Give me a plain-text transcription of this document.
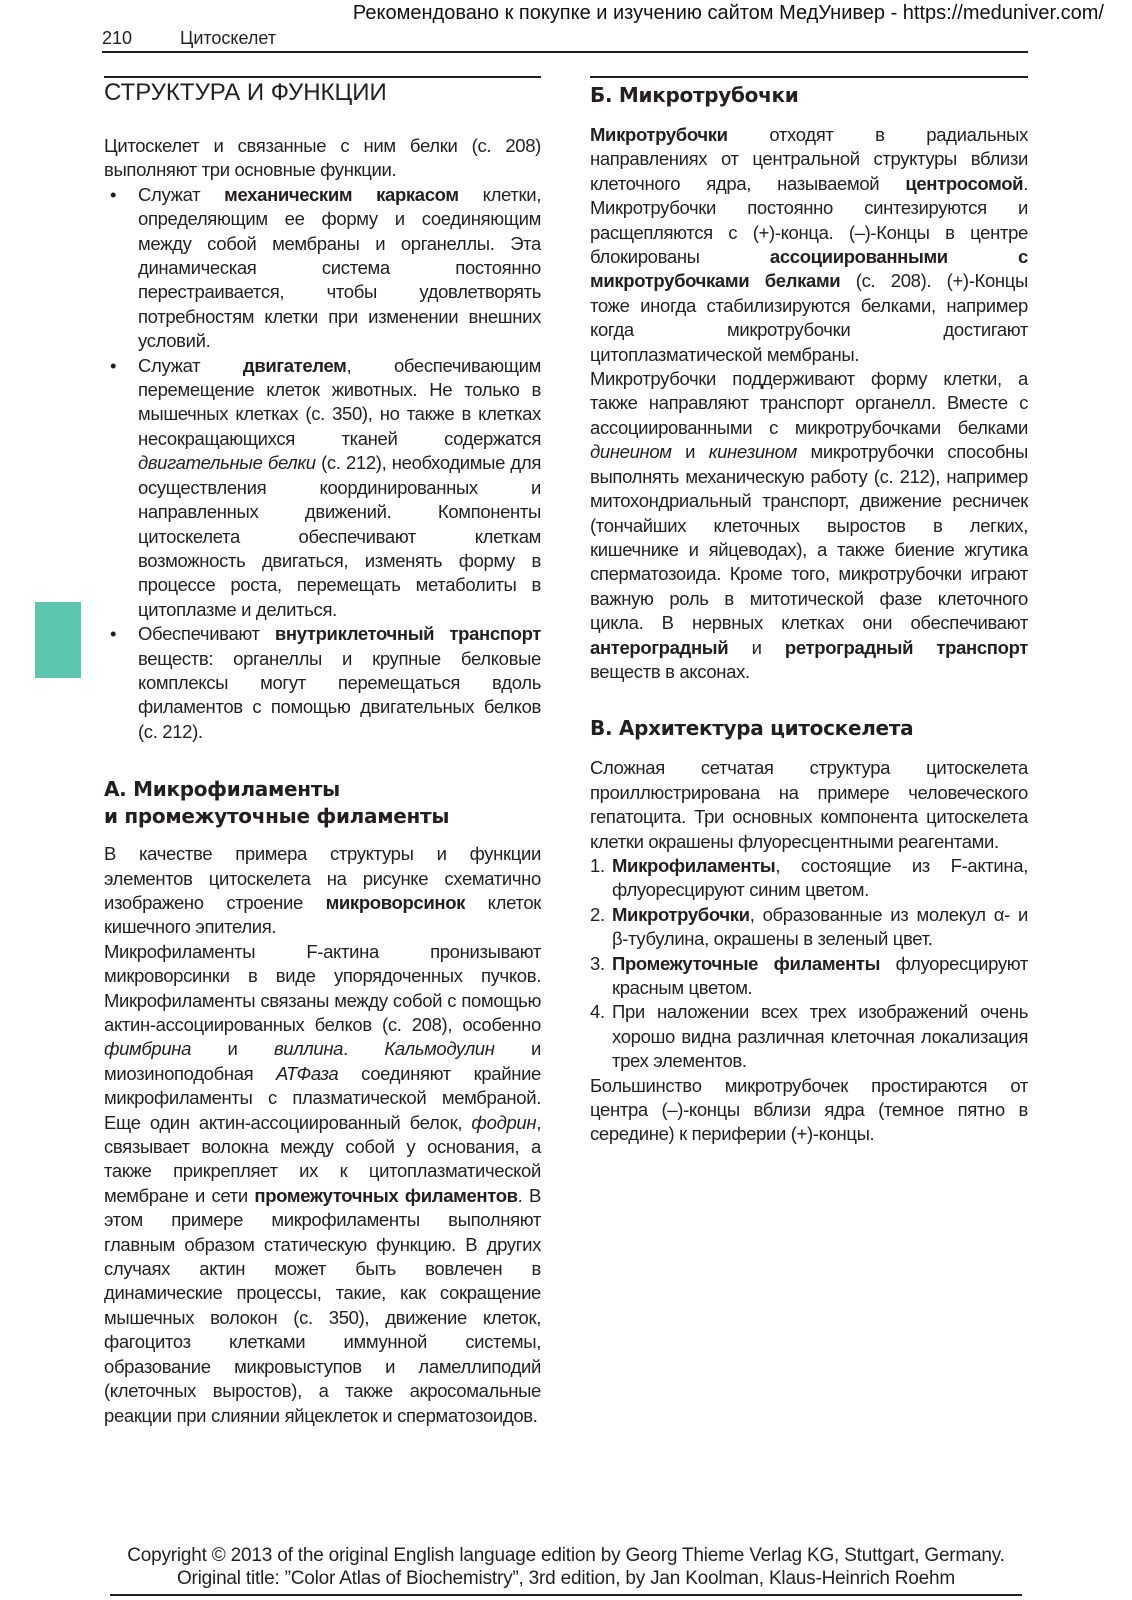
Рекомендовано к покупке и изучению сайтом МедУнивер - https://meduniver.com/
210	Цитоскелет
СТРУКТУРА И ФУНКЦИИ

Цитоскелет и связанные с ним белки (с. 208) выполняют три основные функции.

• Служат механическим каркасом клетки, определяющим ее форму и соединяющим между собой мембраны и органеллы. Эта динамическая система постоянно перестраивается, чтобы удовлетворять потребностям клетки при изменении внешних условий.
• Служат двигателем, обеспечивающим перемещение клеток животных. Не только в мышечных клетках (с. 350), но также в клетках несокращающихся тканей содержатся двигательные белки (с. 212), необходимые для осуществления координированных и направленных движений. Компоненты цитоскелета обеспечивают клеткам возможность двигаться, изменять форму в процессе роста, перемещать метаболиты в цитоплазме и делиться.
• Обеспечивают внутриклеточный транспорт веществ: органеллы и крупные белковые комплексы могут перемещаться вдоль филаментов с помощью двигательных белков (с. 212).
А. Микрофиламенты
и промежуточные филаменты

В качестве примера структуры и функции элементов цитоскелета на рисунке схематично изображено строение микроворсинок клеток кишечного эпителия.

Микрофиламенты F-актина пронизывают микроворсинки в виде упорядоченных пучков. Микрофиламенты связаны между собой с помощью актин-ассоциированных белков (с. 208), особенно фимбрина и виллина. Кальмодулин и миозиноподобная АТФаза соединяют крайние микрофиламенты с плазматической мембраной. Еще один актин-ассоциированный белок, фодрин, связывает волокна между собой у основания, а также прикрепляет их к цитоплазматической мембране и сети промежуточных филаментов. В этом примере микрофиламенты выполняют главным образом статическую функцию. В других случаях актин может быть вовлечен в динамические процессы, такие, как сокращение мышечных волокон (с. 350), движение клеток, фагоцитоз клетками иммунной системы, образование микровыступов и ламеллиподий (клеточных выростов), а также акросомальные реакции при слиянии яйцеклеток и сперматозоидов.

Б. Микротрубочки

Микротрубочки отходят в радиальных направлениях от центральной структуры вблизи клеточного ядра, называемой центросомой. Микротрубочки постоянно синтезируются и расщепляются с (+)-конца. (–)-Концы в центре блокированы ассоциированными с микротрубочками белками (с. 208). (+)-Концы тоже иногда стабилизируются белками, например когда микротрубочки достигают цитоплазматической мембраны.

Микротрубочки поддерживают форму клетки, а также направляют транспорт органелл. Вместе с ассоциированными с микротрубочками белками динеином и кинезином микротрубочки способны выполнять механическую работу (с. 212), например митохондриальный транспорт, движение ресничек (тончайших клеточных выростов в легких, кишечнике и яйцеводах), а также биение жгутика сперматозоида. Кроме того, микротрубочки играют важную роль в митотической фазе клеточного цикла. В нервных клетках они обеспечивают антероградный и ретроградный транспорт веществ в аксонах.

В. Архитектура цитоскелета

Сложная сетчатая структура цитоскелета проиллюстрирована на примере человеческого гепатоцита. Три основных компонента цитоскелета клетки окрашены флуоресцентными реагентами.

1. Микрофиламенты, состоящие из F-актина, флуоресцируют синим цветом.
2. Микротрубочки, образованные из молекул α- и β-тубулина, окрашены в зеленый цвет.
3. Промежуточные филаменты флуоресцируют красным цветом.
4. При наложении всех трех изображений очень хорошо видна различная клеточная локализация трех элементов.

Большинство микротрубочек простираются от центра (–)-концы вблизи ядра (темное пятно в середине) к периферии (+)-концы.

Copyright © 2013 of the original English language edition by Georg Thieme Verlag KG, Stuttgart, Germany.
Original title: ”Color Atlas of Biochemistry”, 3rd edition, by Jan Koolman, Klaus-Heinrich Roehm
